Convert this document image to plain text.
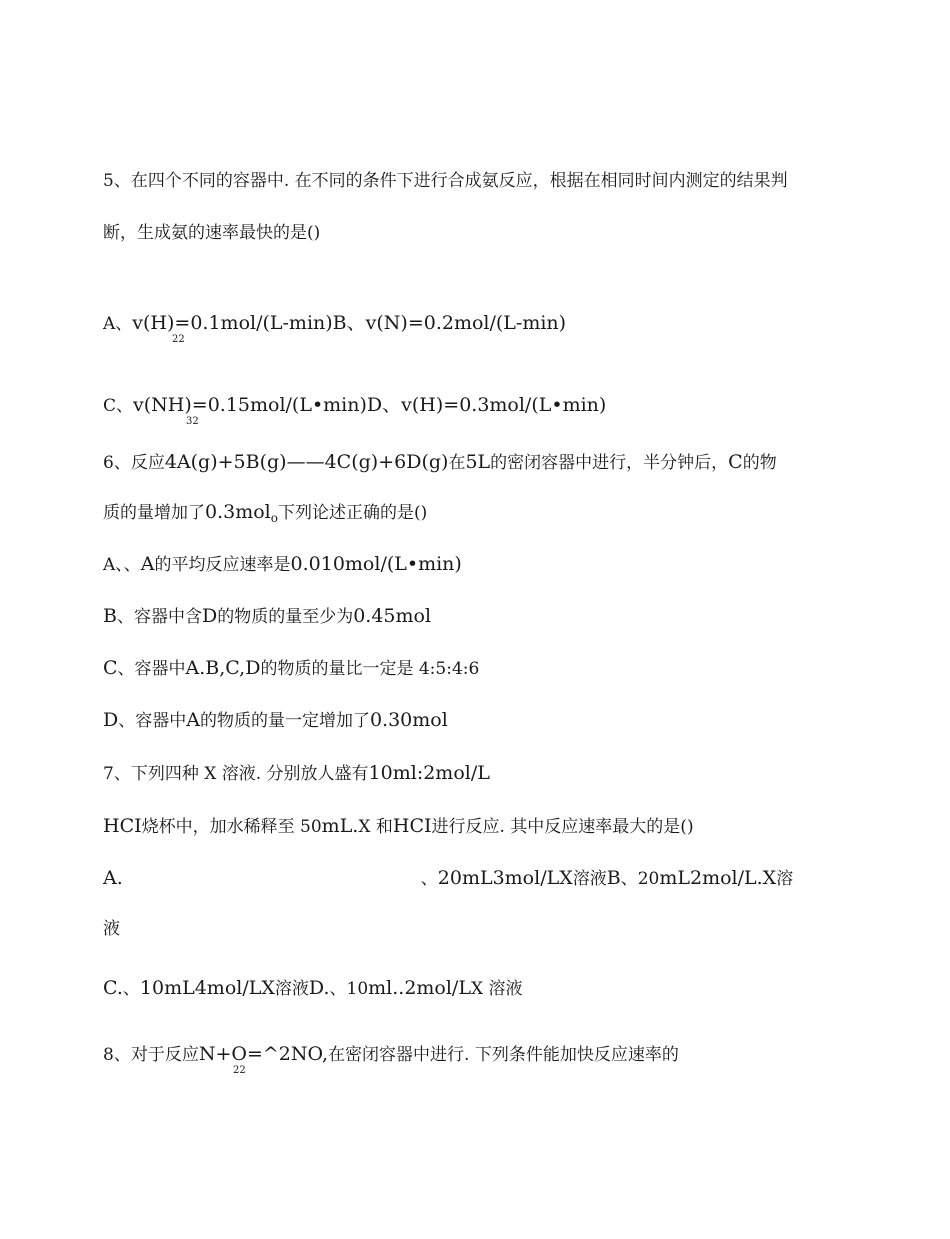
5、在四个不同的容器中. 在不同的条件下进行合成氨反应，根据在相同时间内测定的结果判
断，生成氨的速率最快的是()
A、v(H)=0.1mol/(L-min)B、v(N)=0.2mol/(L-min)
22
C、v(NH)=0.15mol/(L•min)D、v(H)=0.3mol/(L•min)
32
6、反应4A(g)+5B(g)——4C(g)+6D(g)在5L的密闭容器中进行，半分钟后，C的物
质的量增加了0.3molo下列论述正确的是()
A、、A的平均反应速率是0.010mol/(L•min)
B、容器中含D的物质的量至少为0.45mol
C、容器中A.B,C,D的物质的量比一定是 4:5:4:6
D、容器中A的物质的量一定增加了0.30mol
7、下列四种 X 溶液. 分别放人盛有10ml:2mol/L
HCI烧杯中，加水稀释至 50mL.X 和HCI进行反应. 其中反应速率最大的是()
A.	、20mL3mol/LX溶液B、20mL2mol/L.X溶
液
C.、10mL4mol/LX溶液D.、10ml..2mol/LX 溶液
8、对于反应N+O=^2NO,在密闭容器中进行. 下列条件能加快反应速率的
22
